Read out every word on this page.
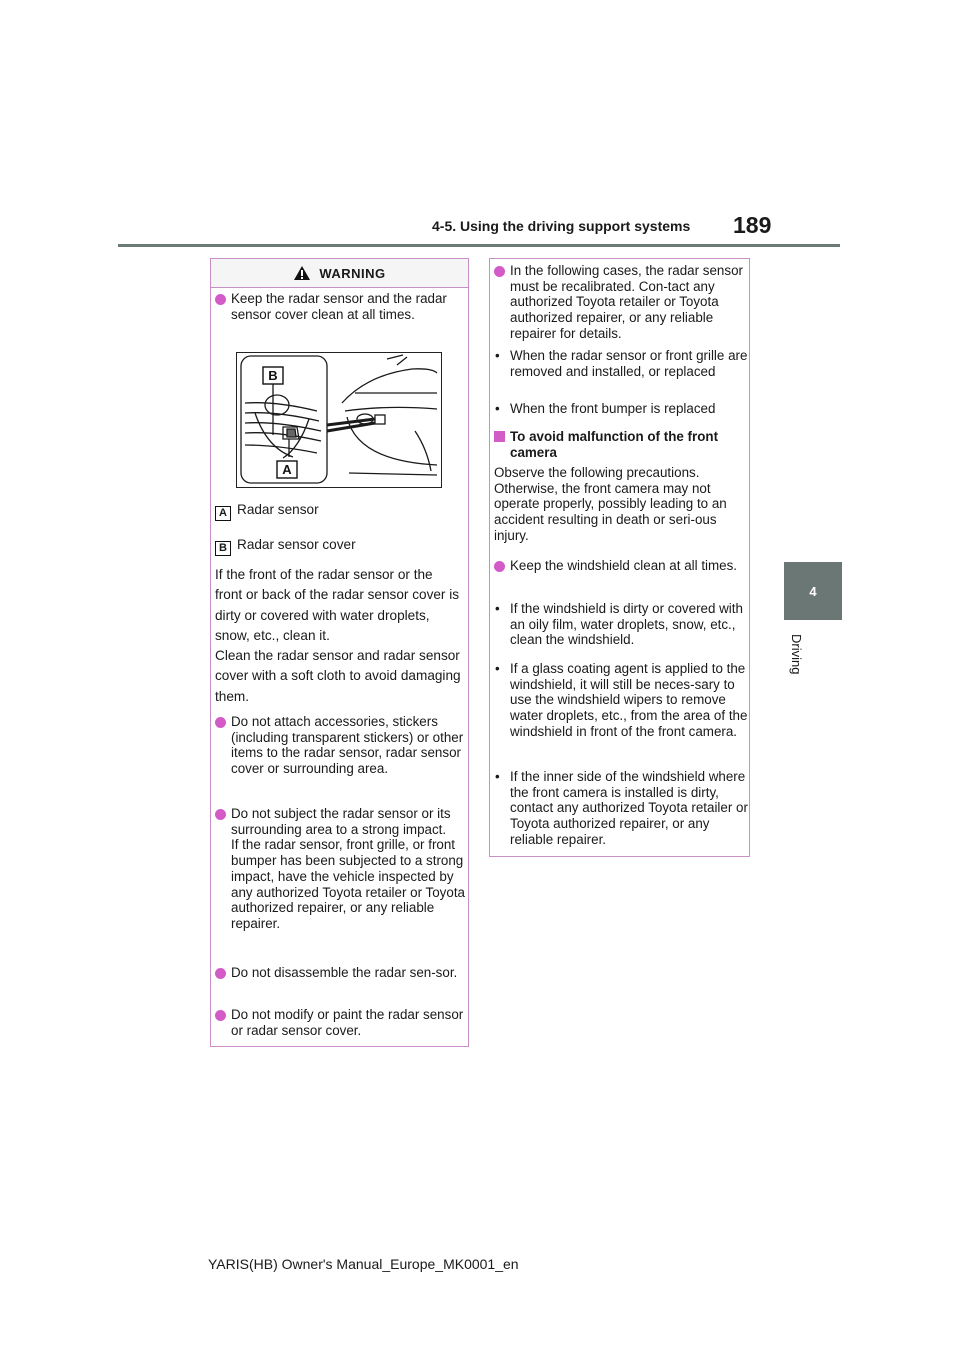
4-5. Using the driving support systems 189
4
Driving
WARNING
Keep the radar sensor and the radar sensor cover clean at all times.
B
A
A Radar sensor
B Radar sensor cover
If the front of the radar sensor or the front or back of the radar sensor cover is dirty or covered with water droplets, snow, etc., clean it.
Clean the radar sensor and radar sensor cover with a soft cloth to avoid damaging them.
Do not attach accessories, stickers (including transparent stickers) or other items to the radar sensor, radar sensor cover or surrounding area.
Do not subject the radar sensor or its surrounding area to a strong impact.
If the radar sensor, front grille, or front bumper has been subjected to a strong impact, have the vehicle inspected by any authorized Toyota retailer or Toyota authorized repairer, or any reliable repairer.
Do not disassemble the radar sen-sor.
Do not modify or paint the radar sensor or radar sensor cover.
In the following cases, the radar sensor must be recalibrated. Con-tact any authorized Toyota retailer or Toyota authorized repairer, or any reliable repairer for details.
• When the radar sensor or front grille are removed and installed, or replaced
• When the front bumper is replaced
To avoid malfunction of the front camera
Observe the following precautions. Otherwise, the front camera may not operate properly, possibly leading to an accident resulting in death or seri-ous injury.
Keep the windshield clean at all times.
• If the windshield is dirty or covered with an oily film, water droplets, snow, etc., clean the windshield.
• If a glass coating agent is applied to the windshield, it will still be neces-sary to use the windshield wipers to remove water droplets, etc., from the area of the windshield in front of the front camera.
• If the inner side of the windshield where the front camera is installed is dirty, contact any authorized Toyota retailer or Toyota authorized repairer, or any reliable repairer.
YARIS(HB) Owner's Manual_Europe_MK0001_en
